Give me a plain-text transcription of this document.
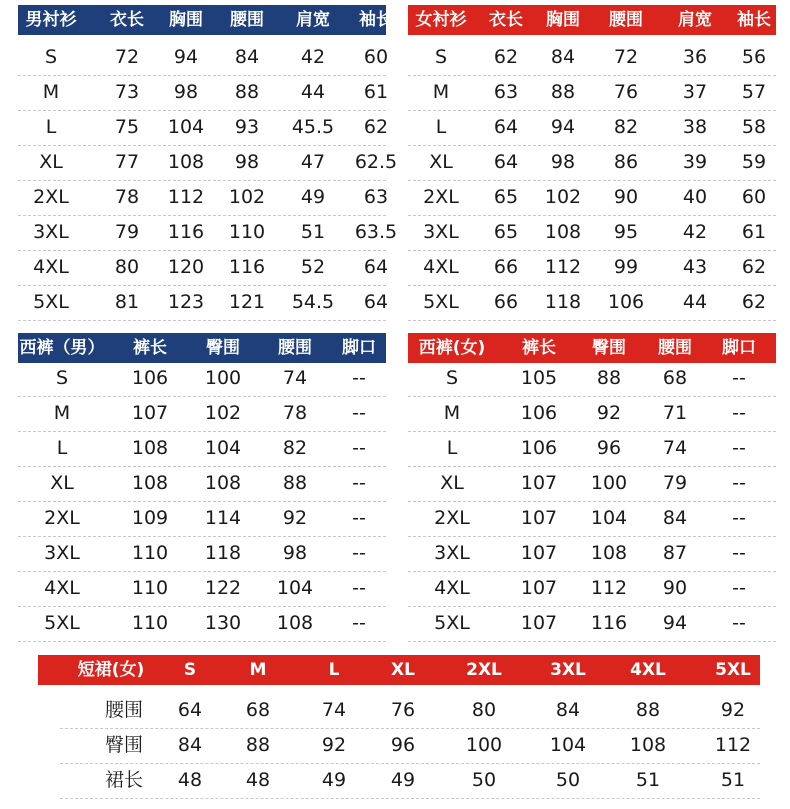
男衬衫 衣长 胸围 腰围 肩宽 袖长
S	72 94 84 42 60
M	73 98 88 44 61
L	75 104 93 45.5 62
XL	77 108 98 47 62.5
2XL 78 112 102 49 63
3XL 79 116 110 51 63.5
4XL 80 120 116 52 64
5XL 81 123 121 54.5 64
女衬衫 衣长 胸围 腰围 肩宽 袖长
S 62 84 72 36 56
M 63 88 76 37 57
L	64 94 82 38 58
XL 64 98 86 39 59
2XL 65 102 90 40 60
3XL 65 108 95 42 61
4XL 66 112 99 43 62
5XL 66 118 106 44 62
西裤（男） 裤长 臀围 腰围 脚口
S	106 100 74 --
M	107 102 78 --
L	108 104 82 --
XL	108 108 88 --
2XL	109 114 92 --
3XL	110 118 98 --
4XL	110 122 104 --
5XL	110 130 108 --
西裤(女) 裤长 臀围 腰围 脚口
S	105 88 68 --
M	106 92 71 --
L	106 96 74 --
XL	107 100 79 --
2XL	107 104 84 --
3XL	107 108 87 --
4XL	107 112 90 --
5XL	107 116 94 --
短裙(女) S	M	L	XL	2XL	3XL	4XL	5XL
腰围 64 68	74 76	80	84	88	92
臀围 84 88	92 96	100	104 108	112
裙长 48 48	49 49	50	50	51	51
